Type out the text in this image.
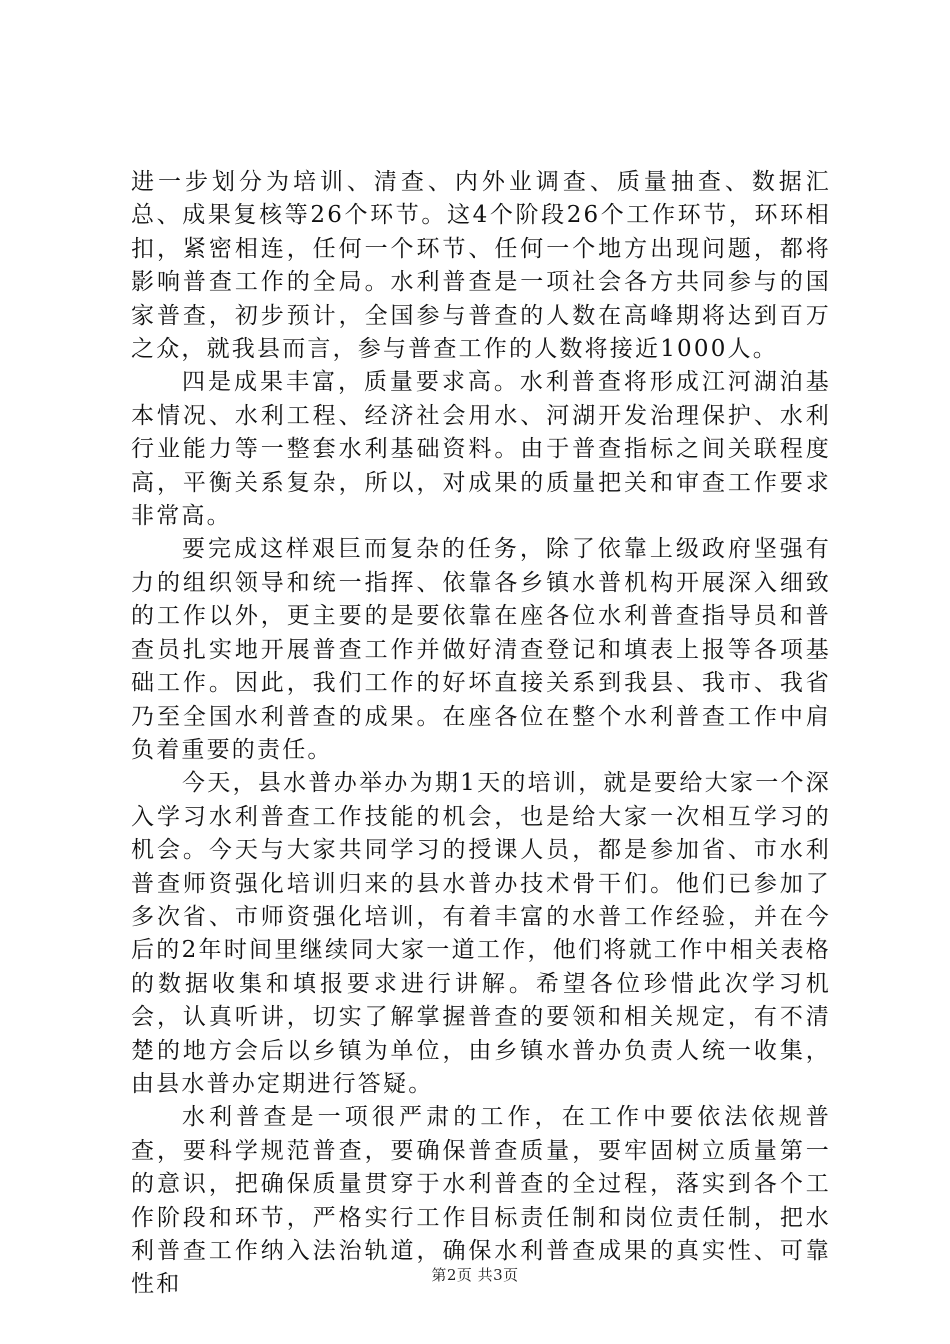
进一步划分为培训、清查、内外业调查、质量抽查、数据汇总、成果复核等26个环节。这4个阶段26个工作环节，环环相扣，紧密相连，任何一个环节、任何一个地方出现问题，都将影响普查工作的全局。水利普查是一项社会各方共同参与的国家普查，初步预计，全国参与普查的人数在高峰期将达到百万之众，就我县而言，参与普查工作的人数将接近1000人。

四是成果丰富，质量要求高。水利普查将形成江河湖泊基本情况、水利工程、经济社会用水、河湖开发治理保护、水利行业能力等一整套水利基础资料。由于普查指标之间关联程度高，平衡关系复杂，所以，对成果的质量把关和审查工作要求非常高。

要完成这样艰巨而复杂的任务，除了依靠上级政府坚强有力的组织领导和统一指挥、依靠各乡镇水普机构开展深入细致的工作以外，更主要的是要依靠在座各位水利普查指导员和普查员扎实地开展普查工作并做好清查登记和填表上报等各项基础工作。因此，我们工作的好坏直接关系到我县、我市、我省乃至全国水利普查的成果。在座各位在整个水利普查工作中肩负着重要的责任。

今天，县水普办举办为期1天的培训，就是要给大家一个深入学习水利普查工作技能的机会，也是给大家一次相互学习的机会。今天与大家共同学习的授课人员，都是参加省、市水利普查师资强化培训归来的县水普办技术骨干们。他们已参加了多次省、市师资强化培训，有着丰富的水普工作经验，并在今后的2年时间里继续同大家一道工作，他们将就工作中相关表格的数据收集和填报要求进行讲解。希望各位珍惜此次学习机会，认真听讲，切实了解掌握普查的要领和相关规定，有不清楚的地方会后以乡镇为单位，由乡镇水普办负责人统一收集，由县水普办定期进行答疑。

水利普查是一项很严肃的工作，在工作中要依法依规普查，要科学规范普查，要确保普查质量，要牢固树立质量第一的意识，把确保质量贯穿于水利普查的全过程，落实到各个工作阶段和环节，严格实行工作目标责任制和岗位责任制，把水利普查工作纳入法治轨道，确保水利普查成果的真实性、可靠性和	第2页 共3页
